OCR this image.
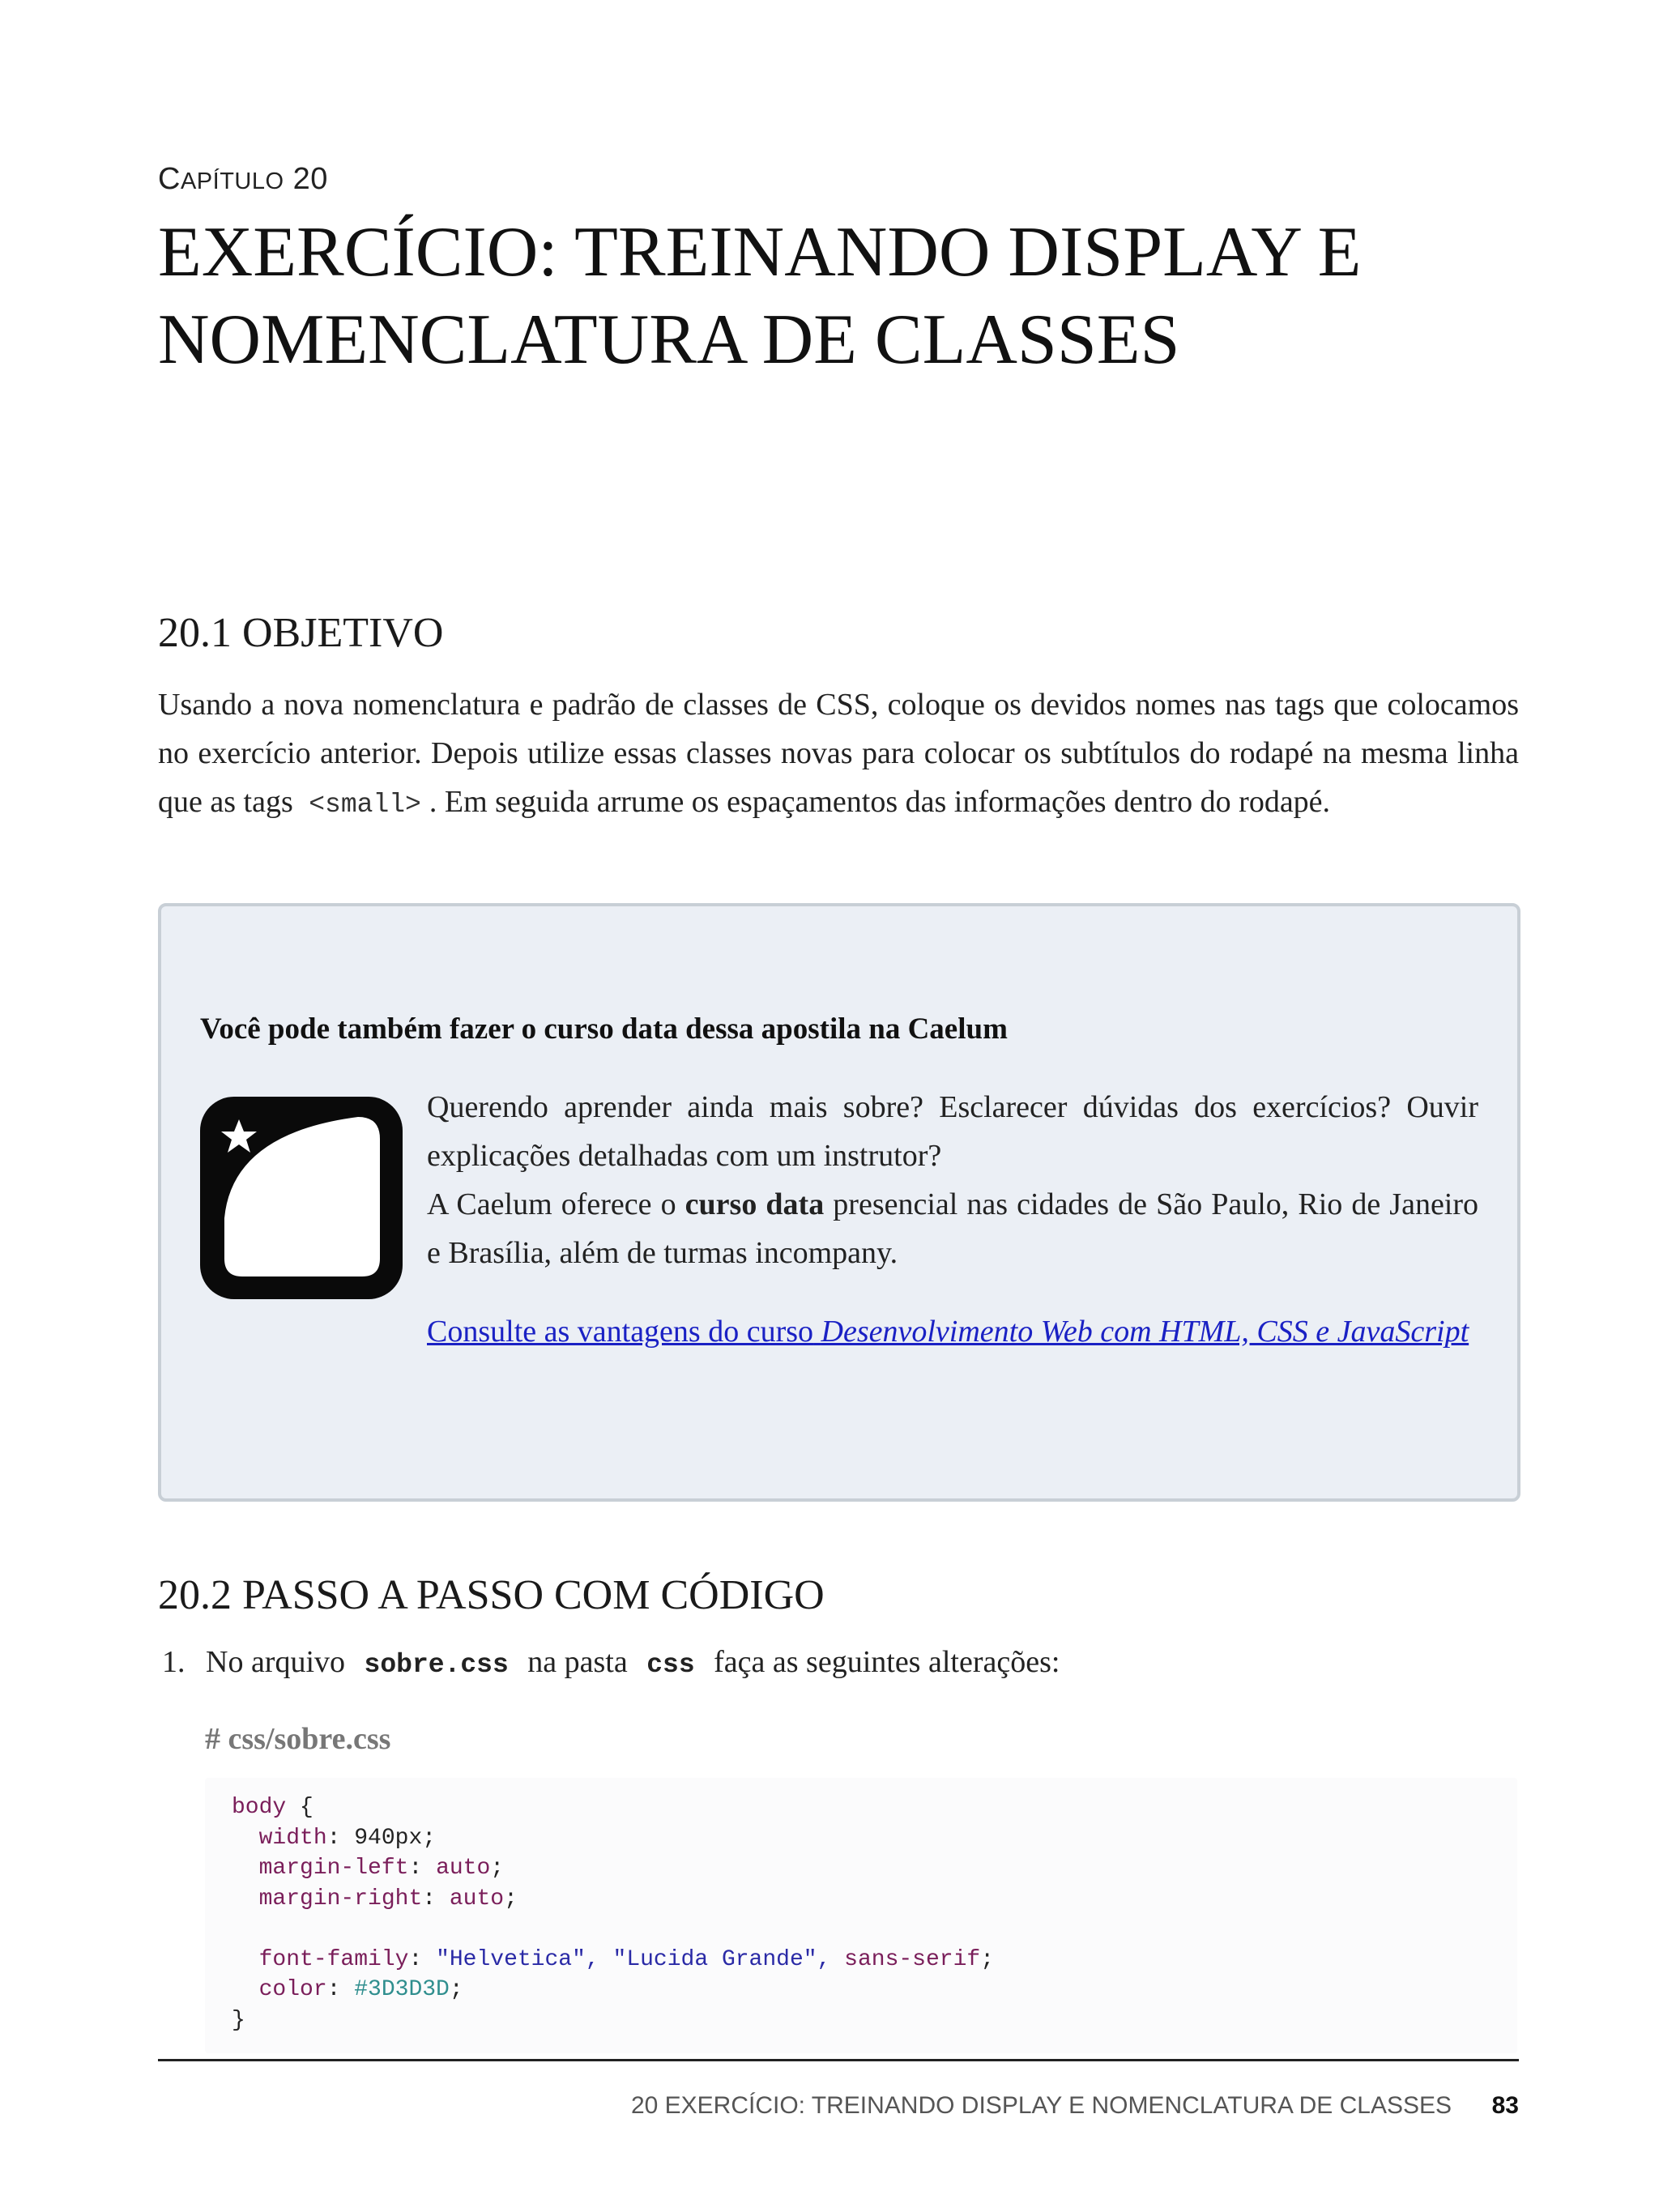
CAPÍTULO 20
EXERCÍCIO: TREINANDO DISPLAY E NOMENCLATURA DE CLASSES
20.1 OBJETIVO

Usando a nova nomenclatura e padrão de classes de CSS, coloque os devidos nomes nas tags que colocamos no exercício anterior. Depois utilize essas classes novas para colocar os subtítulos do rodapé na mesma linha que as tags <small> . Em seguida arrume os espaçamentos das informações dentro do rodapé.

Você pode também fazer o curso data dessa apostila na Caelum

Querendo aprender ainda mais sobre? Esclarecer dúvidas dos exercícios? Ouvir explicações detalhadas com um instrutor?
A Caelum oferece o curso data presencial nas cidades de São Paulo, Rio de Janeiro e Brasília, além de turmas incompany.

Consulte as vantagens do curso Desenvolvimento Web com HTML, CSS e JavaScript

20.2 PASSO A PASSO COM CÓDIGO

1. No arquivo sobre.css na pasta css faça as seguintes alterações:

# css/sobre.css

body {
width: 940px;
margin-left: auto;
margin-right: auto;

font-family: "Helvetica", "Lucida Grande", sans-serif;
color: #3D3D3D;
}
20 EXERCÍCIO: TREINANDO DISPLAY E NOMENCLATURA DE CLASSES 83
